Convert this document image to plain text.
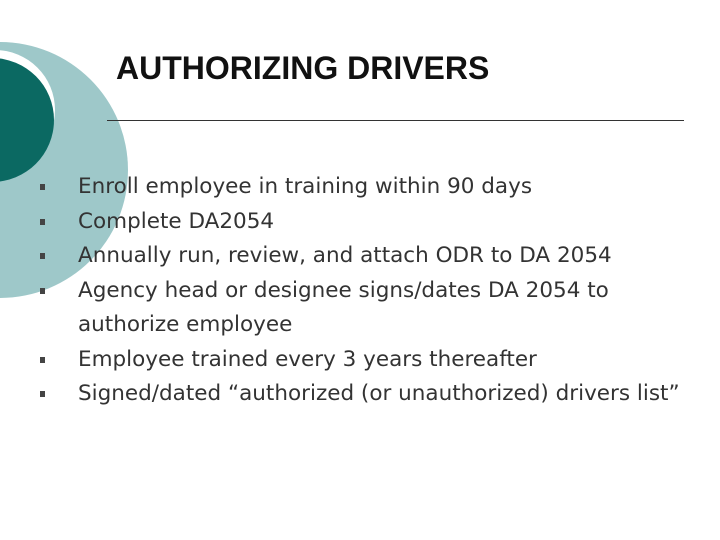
AUTHORIZING DRIVERS
Enroll employee in training within 90 days
Complete DA2054
Annually run, review, and attach ODR to DA 2054
Agency head or designee signs/dates DA 2054 to authorize employee
Employee trained every 3 years thereafter
Signed/dated “authorized (or unauthorized) drivers list”
